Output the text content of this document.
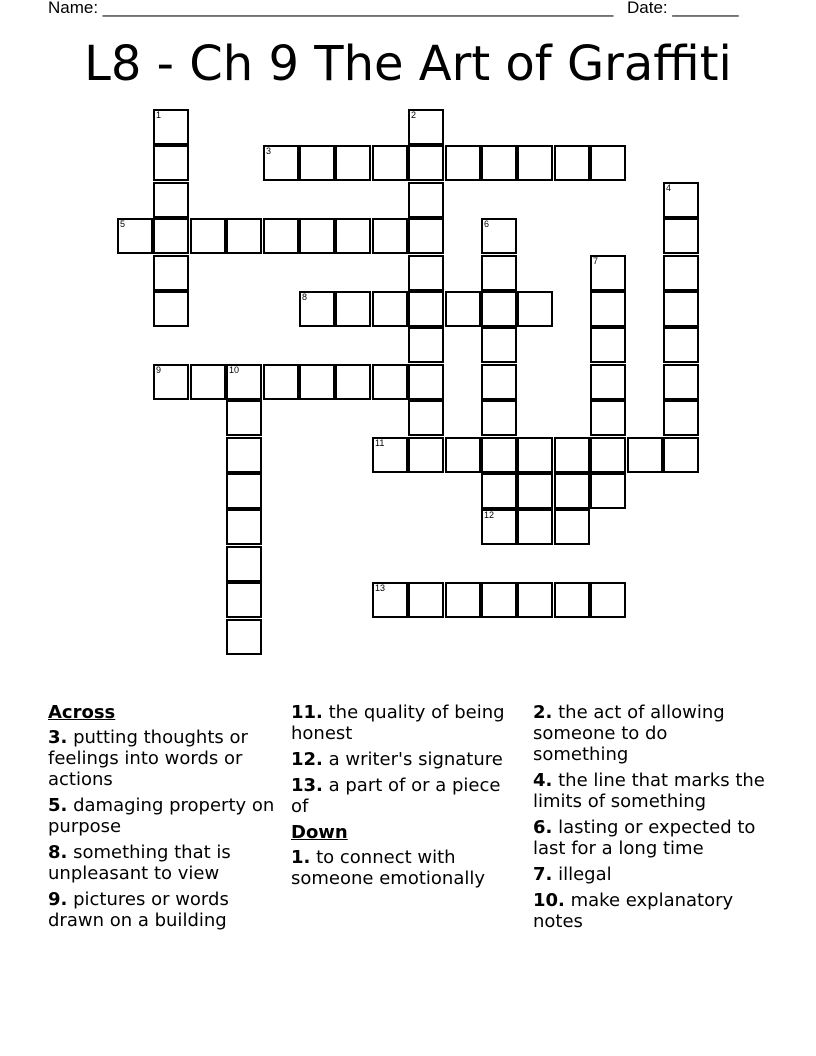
Name: ______________________________________________________ Date: _______
L8 - Ch 9 The Art of Graffiti
1	2
3
4
5	6
7
8
9	10
11
12
13
Across
3. putting thoughts or feelings into words or actions
5. damaging property on purpose
8. something that is unpleasant to view
9. pictures or words drawn on a building
11. the quality of being honest
12. a writer's signature
13. a part of or a piece of
Down
1. to connect with someone emotionally
2. the act of allowing someone to do something
4. the line that marks the limits of something
6. lasting or expected to last for a long time
7. illegal
10. make explanatory notes
